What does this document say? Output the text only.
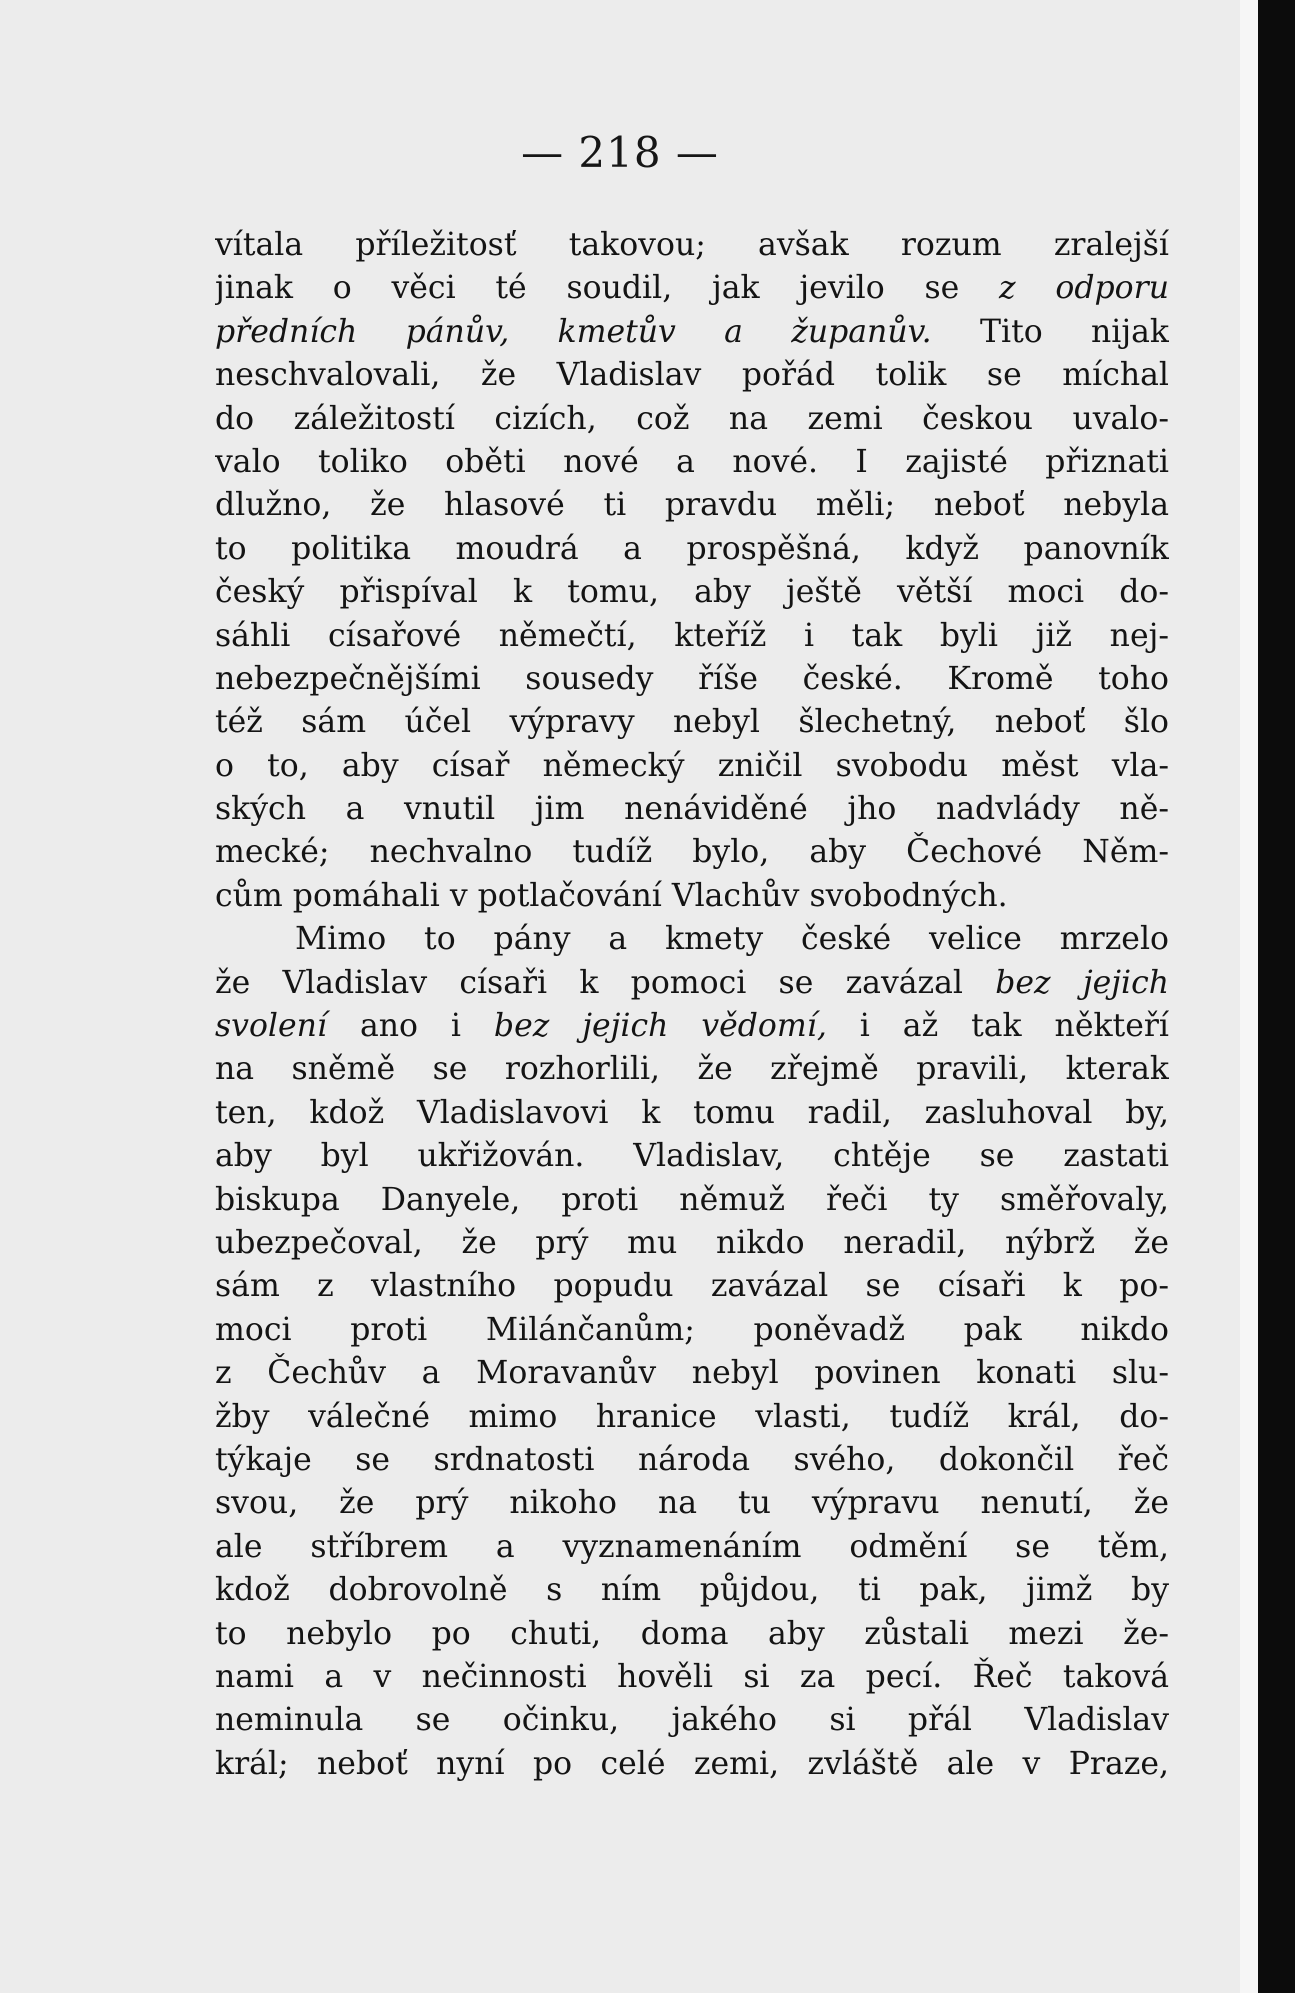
— 218 —
vítala příležitosť takovou; avšak rozum zralejší
jinak o věci té soudil, jak jevilo se z odporu
předních pánův, kmetův a županův. Tito nijak
neschvalovali, že Vladislav pořád tolik se míchal
do záležitostí cizích, což na zemi českou uvalo-
valo toliko oběti nové a nové. I zajisté přiznati
dlužno, že hlasové ti pravdu měli; neboť nebyla
to politika moudrá a prospěšná, když panovník
český přispíval k tomu, aby ještě větší moci do-
sáhli císařové němečtí, kteříž i tak byli již nej-
nebezpečnějšími sousedy říše české. Kromě toho
též sám účel výpravy nebyl šlechetný, neboť šlo
o to, aby císař německý zničil svobodu měst vla-
ských a vnutil jim nenáviděné jho nadvlády ně-
mecké; nechvalno tudíž bylo, aby Čechové Něm-
cům pomáhali v potlačování Vlachův svobodných.
Mimo to pány a kmety české velice mrzelo
že Vladislav císaři k pomoci se zavázal bez jejich
svolení ano i bez jejich vědomí, i až tak někteří
na sněmě se rozhorlili, že zřejmě pravili, kterak
ten, kdož Vladislavovi k tomu radil, zasluhoval by,
aby byl ukřižován. Vladislav, chtěje se zastati
biskupa Danyele, proti němuž řeči ty směřovaly,
ubezpečoval, že prý mu nikdo neradil, nýbrž že
sám z vlastního popudu zavázal se císaři k po-
moci proti Milánčanům; poněvadž pak nikdo
z Čechův a Moravanův nebyl povinen konati slu-
žby válečné mimo hranice vlasti, tudíž král, do-
týkaje se srdnatosti národa svého, dokončil řeč
svou, že prý nikoho na tu výpravu nenutí, že
ale stříbrem a vyznamenáním odmění se těm,
kdož dobrovolně s ním půjdou, ti pak, jimž by
to nebylo po chuti, doma aby zůstali mezi že-
nami a v nečinnosti hověli si za pecí. Řeč taková
neminula se očinku, jakého si přál Vladislav
král; neboť nyní po celé zemi, zvláště ale v Praze,
